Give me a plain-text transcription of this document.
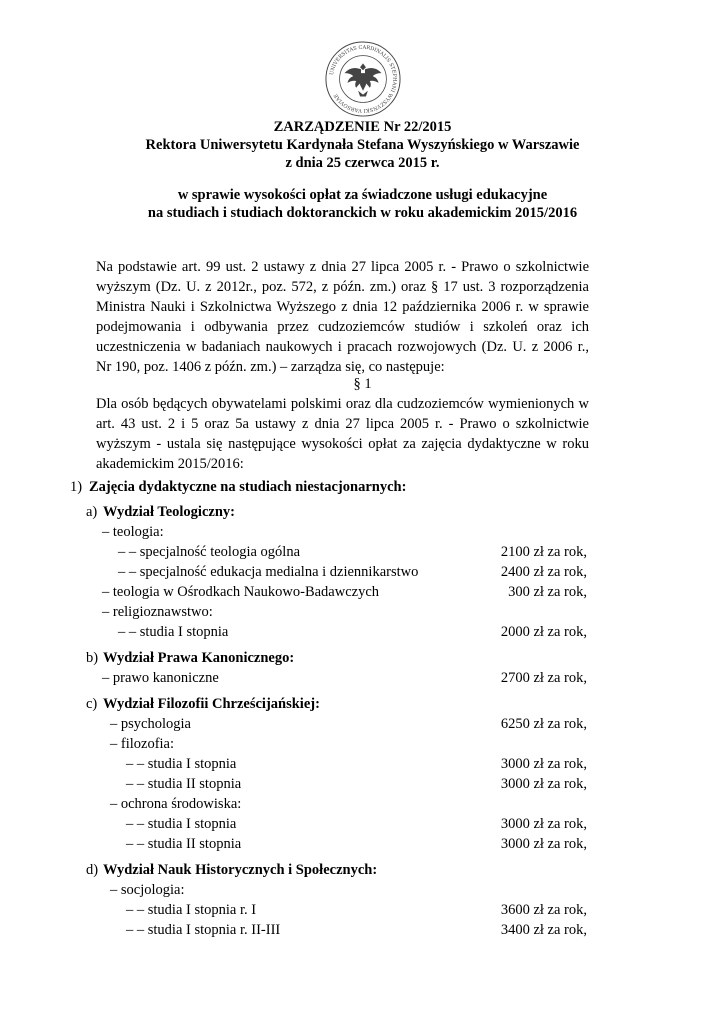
UNIVERSITAS CARDINALIS STEPHANI WYSZYŃSKI VARSOVIAE
ZARZĄDZENIE Nr 22/2015
Rektora Uniwersytetu Kardynała Stefana Wyszyńskiego w Warszawie
z dnia 25 czerwca 2015 r.
w sprawie wysokości opłat za świadczone usługi edukacyjne
na studiach i studiach doktoranckich w roku akademickim 2015/2016

Na podstawie art. 99 ust. 2 ustawy z dnia 27 lipca 2005 r. - Prawo o szkolnictwie wyższym (Dz. U. z 2012r., poz. 572, z późn. zm.) oraz § 17 ust. 3 rozporządzenia Ministra Nauki i Szkolnictwa Wyższego z dnia 12 października 2006 r. w sprawie podejmowania i odbywania przez cudzoziemców studiów i szkoleń oraz ich uczestniczenia w badaniach naukowych i pracach rozwojowych (Dz. U. z 2006 r., Nr 190, poz. 1406 z późn. zm.) – zarządza się, co następuje:

§ 1

Dla osób będących obywatelami polskimi oraz dla cudzoziemców wymienionych w art. 43 ust. 2 i 5 oraz 5a ustawy z dnia 27 lipca 2005 r. - Prawo o szkolnictwie wyższym - ustala się następujące wysokości opłat za zajęcia dydaktyczne w roku akademickim 2015/2016:

1) Zajęcia dydaktyczne na studiach niestacjonarnych:
a) Wydział Teologiczny:
– teologia:
– – specjalność teologia ogólna	2100 zł za rok,
– – specjalność edukacja medialna i dziennikarstwo	2400 zł za rok,
– teologia w Ośrodkach Naukowo-Badawczych	300 zł za rok,
– religioznawstwo:
– – studia I stopnia	2000 zł za rok,
b) Wydział Prawa Kanonicznego:
– prawo kanoniczne	2700 zł za rok,
c) Wydział Filozofii Chrześcijańskiej:
– psychologia	6250 zł za rok,
– filozofia:
– – studia I stopnia	3000 zł za rok,
– – studia II stopnia	3000 zł za rok,
– ochrona środowiska:
– – studia I stopnia	3000 zł za rok,
– – studia II stopnia	3000 zł za rok,
d) Wydział Nauk Historycznych i Społecznych:
– socjologia:
– – studia I stopnia r. I	3600 zł za rok,
– – studia I stopnia r. II-III	3400 zł za rok,
